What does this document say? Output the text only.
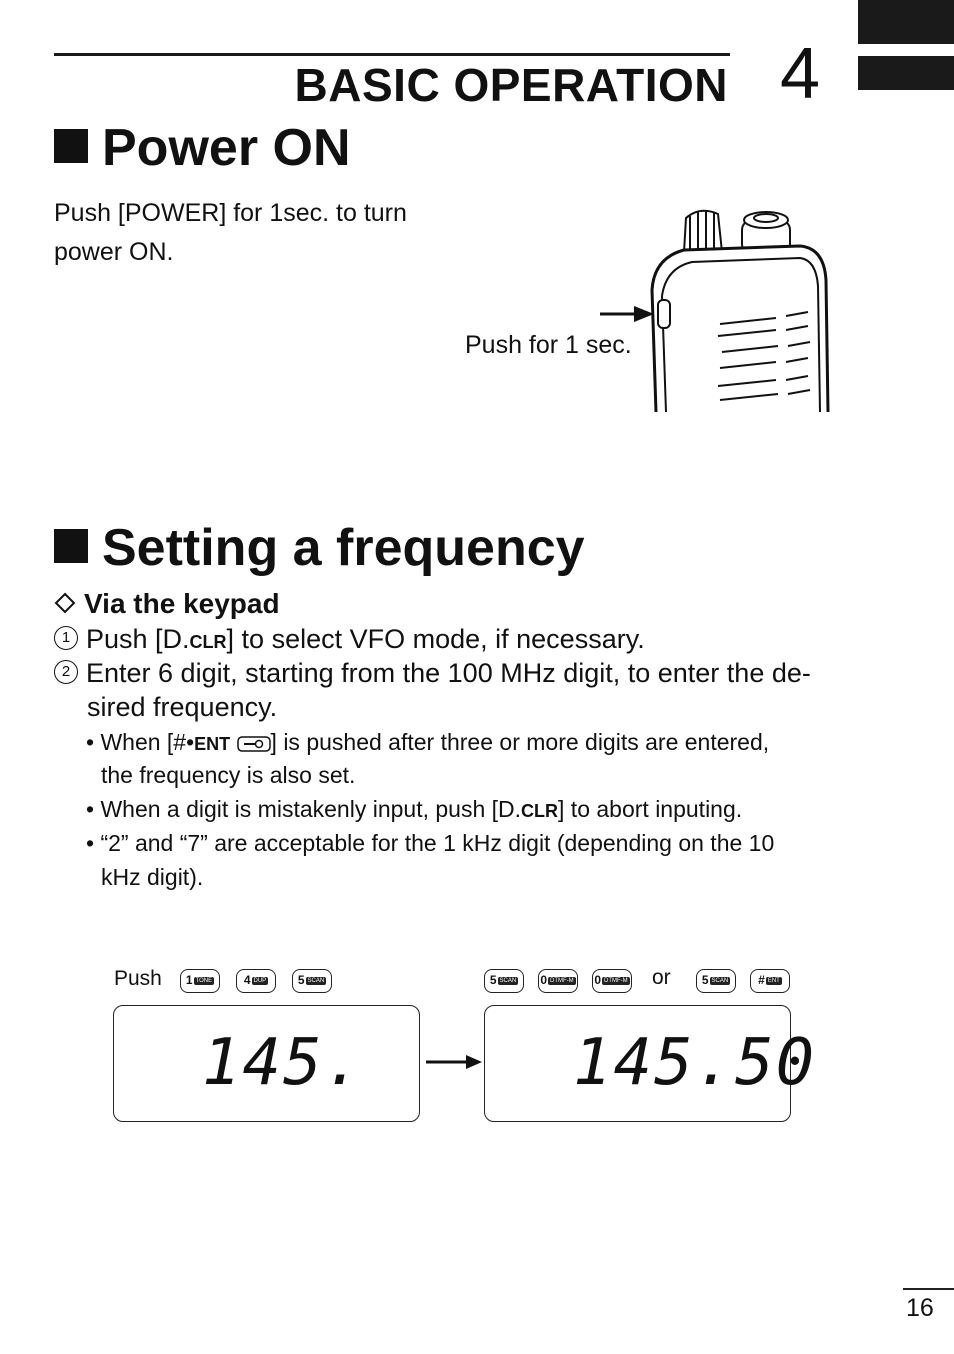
BASIC OPERATION 4
Power ON
Push [POWER] for 1sec. to turn
power ON.
Push for 1 sec.
Setting a frequency
Via the keypad
1 Push [D.CLR] to select VFO mode, if necessary.
2 Enter 6 digit, starting from the 100 MHz digit, to enter the de-
sired frequency.
• When [#•ENT ] is pushed after three or more digits are entered,
the frequency is also set.
• When a digit is mistakenly input, push [D.CLR] to abort inputing.
• “2” and “7” are acceptable for the 1 kHz digit (depending on the 10
kHz digit).
Push	1 TONE	4 DUP	5 SCAN	5 SCAN	0 DTMF-M	0 DTMF-M or	5 SCAN	# ENT
145.	145.50
16
